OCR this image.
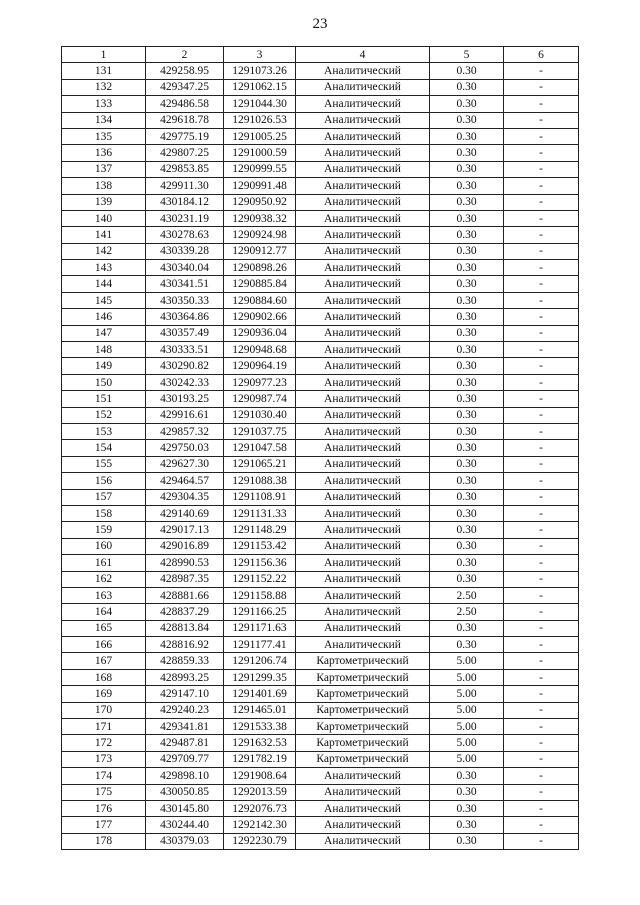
23
1	2	3	4	5	6
131	429258.95	1291073.26	Аналитический	0.30	-
132	429347.25	1291062.15	Аналитический	0.30	-
133	429486.58	1291044.30	Аналитический	0.30	-
134	429618.78	1291026.53	Аналитический	0.30	-
135	429775.19	1291005.25	Аналитический	0.30	-
136	429807.25	1291000.59	Аналитический	0.30	-
137	429853.85	1290999.55	Аналитический	0.30	-
138	429911.30	1290991.48	Аналитический	0.30	-
139	430184.12	1290950.92	Аналитический	0.30	-
140	430231.19	1290938.32	Аналитический	0.30	-
141	430278.63	1290924.98	Аналитический	0.30	-
142	430339.28	1290912.77	Аналитический	0.30	-
143	430340.04	1290898.26	Аналитический	0.30	-
144	430341.51	1290885.84	Аналитический	0.30	-
145	430350.33	1290884.60	Аналитический	0.30	-
146	430364.86	1290902.66	Аналитический	0.30	-
147	430357.49	1290936.04	Аналитический	0.30	-
148	430333.51	1290948.68	Аналитический	0.30	-
149	430290.82	1290964.19	Аналитический	0.30	-
150	430242.33	1290977.23	Аналитический	0.30	-
151	430193.25	1290987.74	Аналитический	0.30	-
152	429916.61	1291030.40	Аналитический	0.30	-
153	429857.32	1291037.75	Аналитический	0.30	-
154	429750.03	1291047.58	Аналитический	0.30	-
155	429627.30	1291065.21	Аналитический	0.30	-
156	429464.57	1291088.38	Аналитический	0.30	-
157	429304.35	1291108.91	Аналитический	0.30	-
158	429140.69	1291131.33	Аналитический	0.30	-
159	429017.13	1291148.29	Аналитический	0.30	-
160	429016.89	1291153.42	Аналитический	0.30	-
161	428990.53	1291156.36	Аналитический	0.30	-
162	428987.35	1291152.22	Аналитический	0.30	-
163	428881.66	1291158.88	Аналитический	2.50	-
164	428837.29	1291166.25	Аналитический	2.50	-
165	428813.84	1291171.63	Аналитический	0.30	-
166	428816.92	1291177.41	Аналитический	0.30	-
167	428859.33	1291206.74	Картометрический	5.00	-
168	428993.25	1291299.35	Картометрический	5.00	-
169	429147.10	1291401.69	Картометрический	5.00	-
170	429240.23	1291465.01	Картометрический	5.00	-
171	429341.81	1291533.38	Картометрический	5.00	-
172	429487.81	1291632.53	Картометрический	5.00	-
173	429709.77	1291782.19	Картометрический	5.00	-
174	429898.10	1291908.64	Аналитический	0.30	-
175	430050.85	1292013.59	Аналитический	0.30	-
176	430145.80	1292076.73	Аналитический	0.30	-
177	430244.40	1292142.30	Аналитический	0.30	-
178	430379.03	1292230.79	Аналитический	0.30	-
